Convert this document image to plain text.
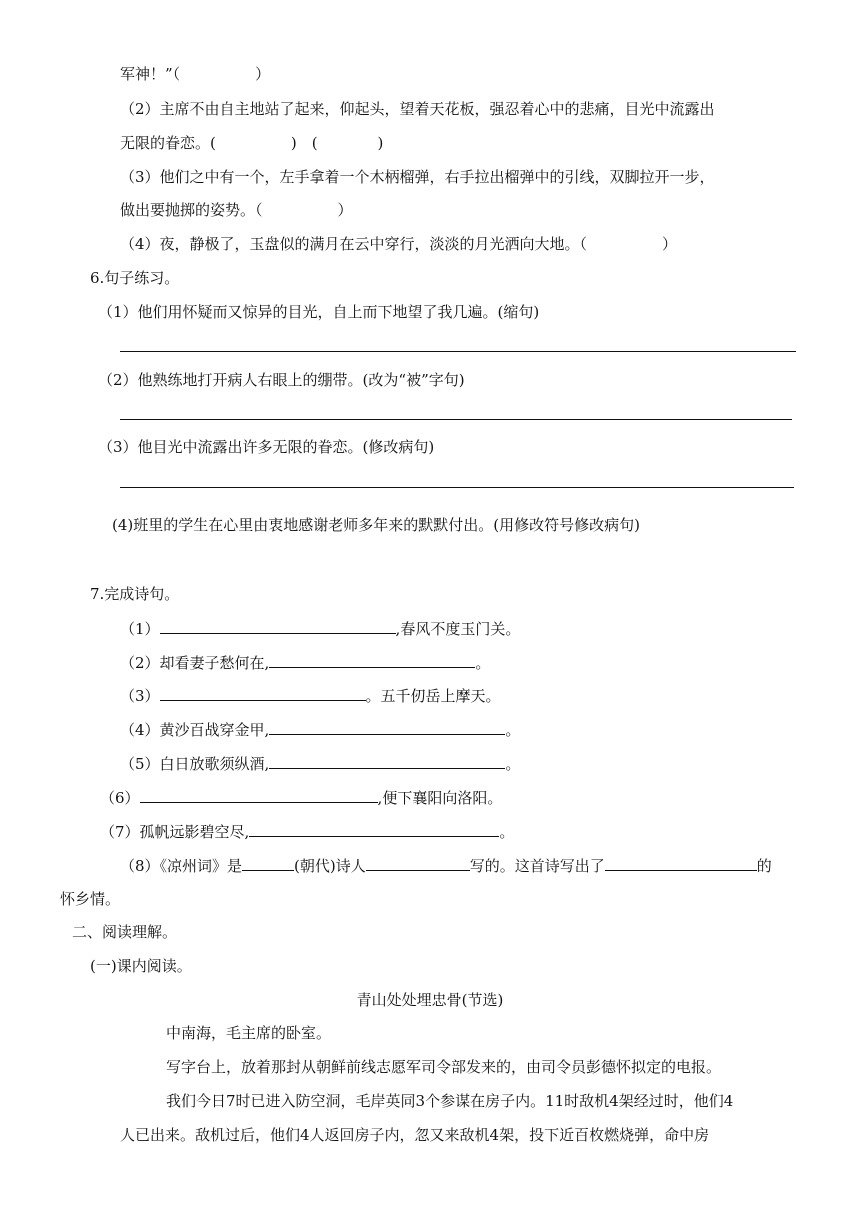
军神！”（　　　　　）
（2）主席不由自主地站了起来，仰起头，望着天花板，强忍着心中的悲痛，目光中流露出
无限的眷恋。(　　　　　)　(　　　　)
（3）他们之中有一个，左手拿着一个木柄榴弹，右手拉出榴弹中的引线，双脚拉开一步，
做出要抛掷的姿势。（　　　　　）
（4）夜，静极了，玉盘似的满月在云中穿行，淡淡的月光洒向大地。（　　　　　）
6.句子练习。
（1）他们用怀疑而又惊异的目光，自上而下地望了我几遍。(缩句)
（2）他熟练地打开病人右眼上的绷带。(改为“被”字句)
（3）他目光中流露出许多无限的眷恋。(修改病句)
(4)班里的学生在心里由衷地感谢老师多年来的默默付出。(用修改符号修改病句)
7.完成诗句。
（1）	,春风不度玉门关。
（2）却看妻子愁何在,	。
（3）	。五千仞岳上摩天。
（4）黄沙百战穿金甲,	。
（5）白日放歌须纵酒,	。
（6）	,便下襄阳向洛阳。
（7）孤帆远影碧空尽,	。
（8）《凉州词》是	(朝代)诗人	写的。这首诗写出了	的
怀乡情。
二、阅读理解。
(一)课内阅读。
青山处处埋忠骨(节选)
中南海，毛主席的卧室。
写字台上，放着那封从朝鲜前线志愿军司令部发来的，由司令员彭德怀拟定的电报。
我们今日7时已进入防空洞，毛岸英同3个参谋在房子内。11时敌机4架经过时，他们4
人已出来。敌机过后，他们4人返回房子内，忽又来敌机4架，投下近百枚燃烧弹，命中房
